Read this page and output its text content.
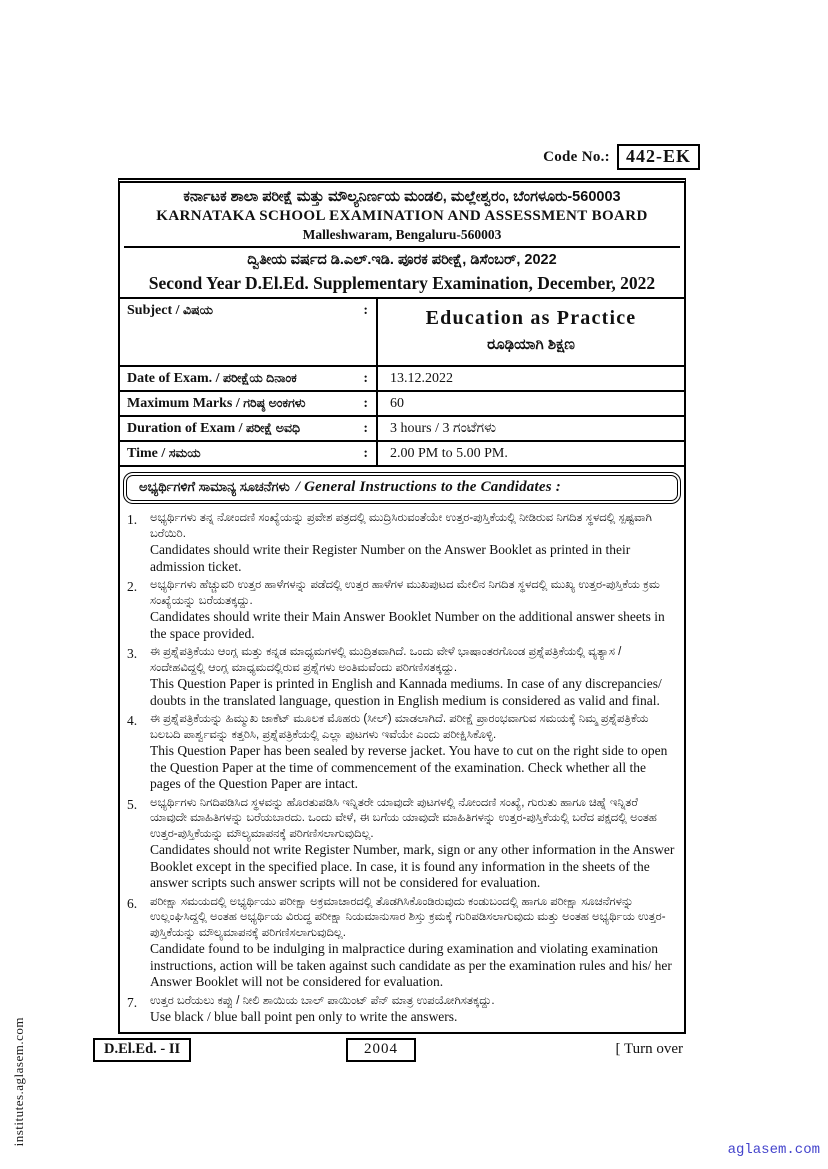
Code No.: 442-EK
ಕರ್ನಾಟಕ ಶಾಲಾ ಪರೀಕ್ಷೆ ಮತ್ತು ಮೌಲ್ಯನಿರ್ಣಯ ಮಂಡಲಿ, ಮಲ್ಲೇಶ್ವರಂ, ಬೆಂಗಳೂರು-560003
KARNATAKA SCHOOL EXAMINATION AND ASSESSMENT BOARD
Malleshwaram, Bengaluru-560003
ದ್ವಿತೀಯ ವರ್ಷದ ಡಿ.ಎಲ್.ಇಡಿ. ಪೂರಕ ಪರೀಕ್ಷೆ, ಡಿಸೆಂಬರ್, 2022
Second Year D.El.Ed. Supplementary Examination, December, 2022
Subject / ವಿಷಯ	:	Education as Practice
ರೂಢಿಯಾಗಿ ಶಿಕ್ಷಣ
Date of Exam. / ಪರೀಕ್ಷೆಯ ದಿನಾಂಕ	:	13.12.2022
Maximum Marks / ಗರಿಷ್ಠ ಅಂಕಗಳು	:	60
Duration of Exam / ಪರೀಕ್ಷೆ ಅವಧಿ	:	3 hours / 3 ಗಂಟೆಗಳು
Time / ಸಮಯ	:	2.00 PM to 5.00 PM.
ಅಭ್ಯರ್ಥಿಗಳಿಗೆ ಸಾಮಾನ್ಯ ಸೂಚನೆಗಳು / General Instructions to the Candidates :
1.	ಅಭ್ಯರ್ಥಿಗಳು ತನ್ನ ನೋಂದಣಿ ಸಂಖ್ಯೆಯನ್ನು ಪ್ರವೇಶ ಪತ್ರದಲ್ಲಿ ಮುದ್ರಿಸಿರುವಂತೆಯೇ ಉತ್ತರ-ಪುಸ್ತಿಕೆಯಲ್ಲಿ ನೀಡಿರುವ ನಿಗದಿತ ಸ್ಥಳದಲ್ಲಿ ಸ್ಪಷ್ಟವಾಗಿ ಬರೆಯಿರಿ.
Candidates should write their Register Number on the Answer Booklet as printed in their admission ticket.
2.	ಅಭ್ಯರ್ಥಿಗಳು ಹೆಚ್ಚುವರಿ ಉತ್ತರ ಹಾಳೆಗಳನ್ನು ಪಡೆದಲ್ಲಿ ಉತ್ತರ ಹಾಳೆಗಳ ಮುಖಪುಟದ ಮೇಲಿನ ನಿಗದಿತ ಸ್ಥಳದಲ್ಲಿ ಮುಖ್ಯ ಉತ್ತರ-ಪುಸ್ತಿಕೆಯ ಕ್ರಮ ಸಂಖ್ಯೆಯನ್ನು ಬರೆಯತಕ್ಕದ್ದು.
Candidates should write their Main Answer Booklet Number on the additional answer sheets in the space provided.
3.	ಈ ಪ್ರಶ್ನೆಪತ್ರಿಕೆಯು ಆಂಗ್ಲ ಮತ್ತು ಕನ್ನಡ ಮಾಧ್ಯಮಗಳಲ್ಲಿ ಮುದ್ರಿತವಾಗಿದೆ. ಒಂದು ವೇಳೆ ಭಾಷಾಂತರಗೊಂಡ ಪ್ರಶ್ನೆಪತ್ರಿಕೆಯಲ್ಲಿ ವ್ಯತ್ಯಾಸ / ಸಂದೇಹವಿದ್ದಲ್ಲಿ ಆಂಗ್ಲ ಮಾಧ್ಯಮದಲ್ಲಿರುವ ಪ್ರಶ್ನೆಗಳು ಅಂತಿಮವೆಂದು ಪರಿಗಣಿಸತಕ್ಕದ್ದು.
This Question Paper is printed in English and Kannada mediums. In case of any discrepancies/ doubts in the translated language, question in English medium is considered as valid and final.
4.	ಈ ಪ್ರಶ್ನೆಪತ್ರಿಕೆಯನ್ನು ಹಿಮ್ಮುಖ ಜಾಕೆಟ್ ಮೂಲಕ ಮೊಹರು (ಸೀಲ್) ಮಾಡಲಾಗಿದೆ. ಪರೀಕ್ಷೆ ಪ್ರಾರಂಭವಾಗುವ ಸಮಯಕ್ಕೆ ನಿಮ್ಮ ಪ್ರಶ್ನೆಪತ್ರಿಕೆಯ ಬಲಬದಿ ಪಾರ್ಶ್ವವನ್ನು ಕತ್ತರಿಸಿ, ಪ್ರಶ್ನೆಪತ್ರಿಕೆಯಲ್ಲಿ ಎಲ್ಲಾ ಪುಟಗಳು ಇವೆಯೇ ಎಂದು ಪರೀಕ್ಷಿಸಿಕೊಳ್ಳಿ.
This Question Paper has been sealed by reverse jacket. You have to cut on the right side to open the Question Paper at the time of commencement of the examination. Check whether all the pages of the Question Paper are intact.
5.	ಅಭ್ಯರ್ಥಿಗಳು ನಿಗದಿಪಡಿಸಿದ ಸ್ಥಳವನ್ನು ಹೊರತುಪಡಿಸಿ ಇನ್ನಿತರೇ ಯಾವುದೇ ಪುಟಗಳಲ್ಲಿ ನೋಂದಣಿ ಸಂಖ್ಯೆ, ಗುರುತು ಹಾಗೂ ಚಿಹ್ನೆ ಇನ್ನಿತರೆ ಯಾವುದೇ ಮಾಹಿತಿಗಳನ್ನು ಬರೆಯಬಾರದು. ಒಂದು ವೇಳೆ, ಈ ಬಗೆಯ ಯಾವುದೇ ಮಾಹಿತಿಗಳನ್ನು ಉತ್ತರ-ಪುಸ್ತಿಕೆಯಲ್ಲಿ ಬರೆದ ಪಕ್ಷದಲ್ಲಿ ಅಂತಹ ಉತ್ತರ-ಪುಸ್ತಿಕೆಯನ್ನು ಮೌಲ್ಯಮಾಪನಕ್ಕೆ ಪರಿಗಣಿಸಲಾಗುವುದಿಲ್ಲ.
Candidates should not write Register Number, mark, sign or any other information in the Answer Booklet except in the specified place. In case, it is found any information in the sheets of the answer scripts such answer scripts will not be considered for evaluation.
6.	ಪರೀಕ್ಷಾ ಸಮಯದಲ್ಲಿ ಅಭ್ಯರ್ಥಿಯು ಪರೀಕ್ಷಾ ಅಕ್ರಮಾಚಾರದಲ್ಲಿ ತೊಡಗಿಸಿಕೊಂಡಿರುವುದು ಕಂಡುಬಂದಲ್ಲಿ ಹಾಗೂ ಪರೀಕ್ಷಾ ಸೂಚನೆಗಳನ್ನು ಉಲ್ಲಂಘಿಸಿದ್ದಲ್ಲಿ ಅಂತಹ ಅಭ್ಯರ್ಥಿಯ ವಿರುದ್ಧ ಪರೀಕ್ಷಾ ನಿಯಮಾನುಸಾರ ಶಿಸ್ತು ಕ್ರಮಕ್ಕೆ ಗುರಿಪಡಿಸಲಾಗುವುದು ಮತ್ತು ಅಂತಹ ಅಭ್ಯರ್ಥಿಯ ಉತ್ತರ-ಪುಸ್ತಿಕೆಯನ್ನು ಮೌಲ್ಯಮಾಪನಕ್ಕೆ ಪರಿಗಣಿಸಲಾಗುವುದಿಲ್ಲ.
Candidate found to be indulging in malpractice during examination and violating examination instructions, action will be taken against such candidate as per the examination rules and his/ her Answer Booklet will not be considered for evaluation.
7.	ಉತ್ತರ ಬರೆಯಲು ಕಪ್ಪು / ನೀಲಿ ಶಾಯಿಯ ಬಾಲ್ ಪಾಯಿಂಟ್ ಪೆನ್ ಮಾತ್ರ ಉಪಯೋಗಿಸತಕ್ಕದ್ದು.
Use black / blue ball point pen only to write the answers.
D.El.Ed. - II	2004	[ Turn over
institutes.aglasem.com
aglasem.com
